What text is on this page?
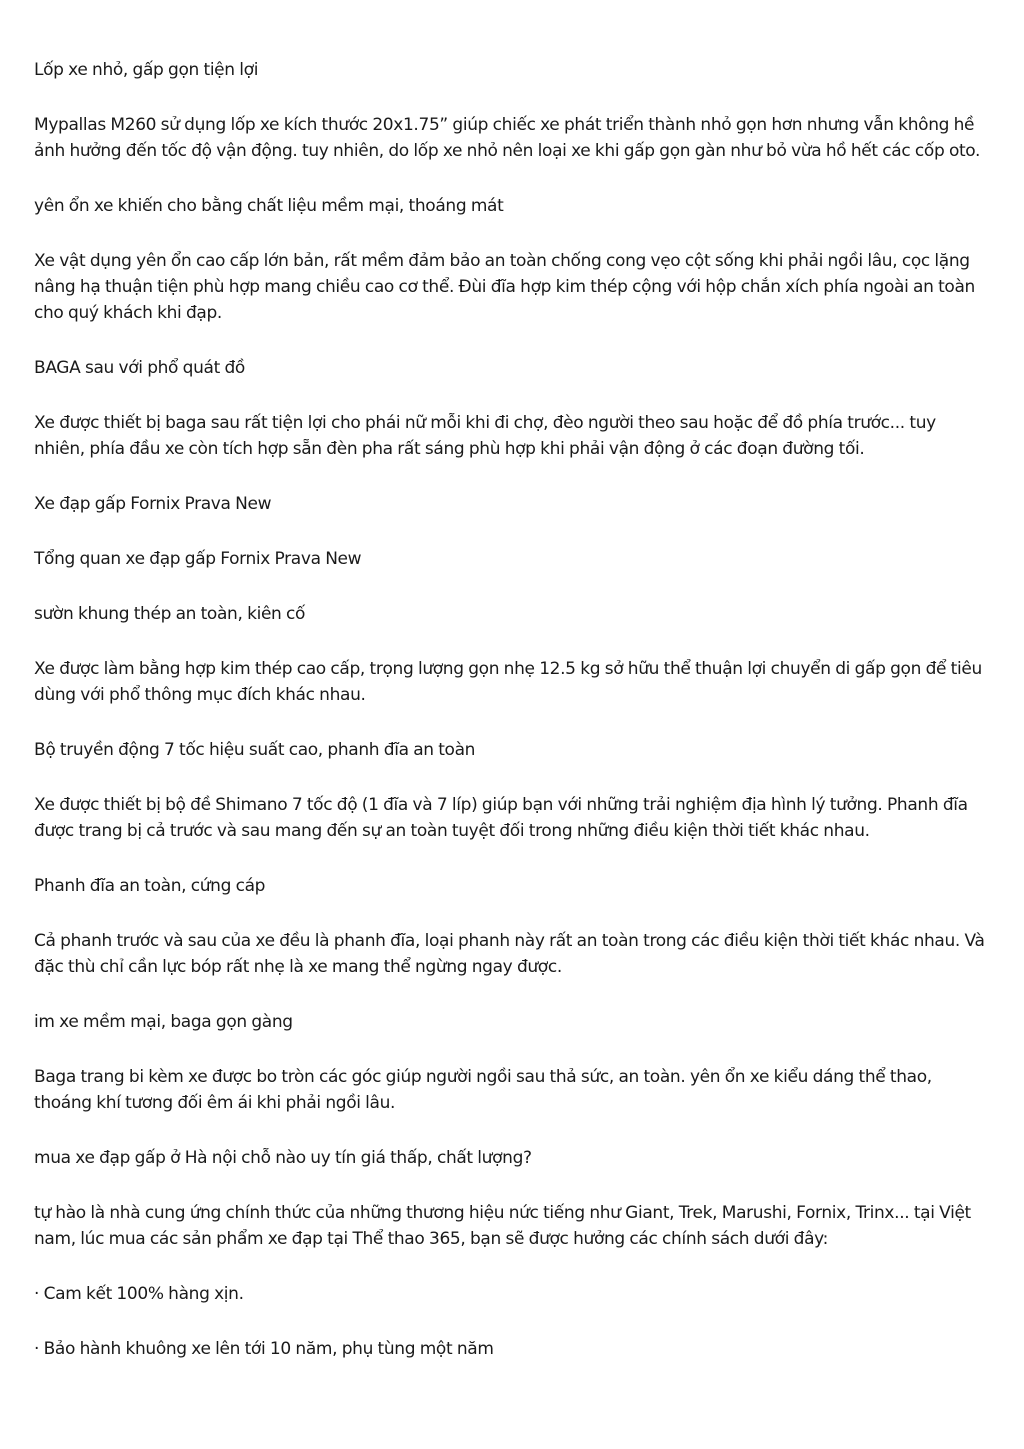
Lốp xe nhỏ, gấp gọn tiện lợi

Mypallas M260 sử dụng lốp xe kích thước 20x1.75” giúp chiếc xe phát triển thành nhỏ gọn hơn nhưng vẫn không hề ảnh hưởng đến tốc độ vận động. tuy nhiên, do lốp xe nhỏ nên loại xe khi gấp gọn gàn như bỏ vừa hồ hết các cốp oto.

yên ổn xe khiến cho bằng chất liệu mềm mại, thoáng mát

Xe vật dụng yên ổn cao cấp lớn bản, rất mềm đảm bảo an toàn chống cong vẹo cột sống khi phải ngồi lâu, cọc lặng nâng hạ thuận tiện phù hợp mang chiều cao cơ thể. Đùi đĩa hợp kim thép cộng với hộp chắn xích phía ngoài an toàn cho quý khách khi đạp.

BAGA sau với phổ quát đồ

Xe được thiết bị baga sau rất tiện lợi cho phái nữ mỗi khi đi chợ, đèo người theo sau hoặc để đồ phía trước... tuy nhiên, phía đầu xe còn tích hợp sẵn đèn pha rất sáng phù hợp khi phải vận động ở các đoạn đường tối.

Xe đạp gấp Fornix Prava New

Tổng quan xe đạp gấp Fornix Prava New

sườn khung thép an toàn, kiên cố

Xe được làm bằng hợp kim thép cao cấp, trọng lượng gọn nhẹ 12.5 kg sở hữu thể thuận lợi chuyển di gấp gọn để tiêu dùng với phổ thông mục đích khác nhau.

Bộ truyền động 7 tốc hiệu suất cao, phanh đĩa an toàn

Xe được thiết bị bộ đề Shimano 7 tốc độ (1 đĩa và 7 líp) giúp bạn với những trải nghiệm địa hình lý tưởng. Phanh đĩa được trang bị cả trước và sau mang đến sự an toàn tuyệt đối trong những điều kiện thời tiết khác nhau.

Phanh đĩa an toàn, cứng cáp

Cả phanh trước và sau của xe đều là phanh đĩa, loại phanh này rất an toàn trong các điều kiện thời tiết khác nhau. Và đặc thù chỉ cần lực bóp rất nhẹ là xe mang thể ngừng ngay được.

im xe mềm mại, baga gọn gàng

Baga trang bi kèm xe được bo tròn các góc giúp người ngồi sau thả sức, an toàn. yên ổn xe kiểu dáng thể thao, thoáng khí tương đối êm ái khi phải ngồi lâu.

mua xe đạp gấp ở Hà nội chỗ nào uy tín giá thấp, chất lượng?

tự hào là nhà cung ứng chính thức của những thương hiệu nức tiếng như Giant, Trek, Marushi, Fornix, Trinx... tại Việt nam, lúc mua các sản phẩm xe đạp tại Thể thao 365, bạn sẽ được hưởng các chính sách dưới đây:

· Cam kết 100% hàng xịn.

· Bảo hành khuông xe lên tới 10 năm, phụ tùng một năm
